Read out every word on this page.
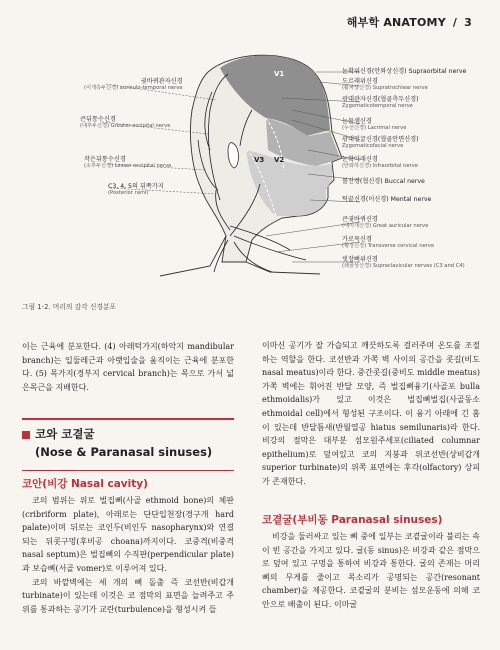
해부학 ANATOMY / 3
V1
V2
V3
눈확위신경(안와상신경) Supraorbital nerve
도르래위신경
(활차상신경) Supratrochlear nerve
광대관자신경(협골측두신경)
Zygomaticotemporal nerve
눈물샘신경
(누선신경) Lacrimal nerve
광대얼굴신경(협골안면신경)
Zygomaticofacial nerve
눈확아래신경
(안와하신경) Infraorbital nerve
볼신경(협신경) Buccal nerve
턱끝신경(이신경) Mental nerve
큰귓바퀴신경
(대이개신경) Great auricular nerve
가로목신경
(횡경신경) Transverse cervical nerve
빗장뼈위신경
(쇄골상신경) Supraclavicular nerves (C3 and C4)
귓바퀴관자신경
(이개측두신경) auriculo-temporal nerve
큰뒤통수신경
(대후두신경) Greater occipital nerve
작은뒤통수신경
(소후두신경) Lesser occipital nerve
C3, 4, 5의 뒤쪽가지
(Posterior rami)
그림 1-2. 머리의 감각 신경분포

이는 근육에 분포한다. (4) 아래턱가지(하악지 mandibular branch)는 입둘레근과 아랫입술을 움직이는 근육에 분포한다. (5) 목가지(경부지 cervical branch)는 목으로 가서 넓은목근을 지배한다.

코와 코곁굴
(Nose & Paranasal sinuses)
코안(비강 Nasal cavity)

코의 범위는 위로 벌집뼈(사골 ethmoid bone)의 체판(cribriform plate), 아래로는 단단입천장(경구개 hard palate)이며 뒤로는 코인두(비인두 nasopharynx)와 연결되는 뒤콧구멍(후비공 choana)까지이다. 코중격(비중격 nasal septum)은 벌집뼈의 수직판(perpendicular plate)과 보습뼈(서골 vomer)로 이루어져 있다.

코의 바깥벽에는 세 개의 뼈 돌출 즉 코선반(비갑개 turbinate)이 있는데 이것은 코 점막의 표면을 늘려주고 주위를 통과하는 공기가 교란(turbulence)을 형성시켜 들

이마신 공기가 잘 가습되고 깨끗하도록 걸러주며 온도를 조절하는 역할을 한다. 코선반과 가쪽 벽 사이의 공간을 콧길(비도 nasal meatus)이라 한다. 중간콧길(중비도 middle meatus) 가쪽 벽에는 휘어진 반달 모양, 즉 벌집뼈융기(사골포 bulla ethmoidalis)가 있고 이것은 벌집뼈벌집(사골동소 ethmoidal cell)에서 형성된 구조이다. 이 융기 아래에 긴 홈이 있는데 반달틈새(반월열공 hiatus semilunaris)라 한다. 비강의 점막은 대부분 섬모원주세포(ciliated columnar epithelium)로 덮여있고 코의 지붕과 위코선반(상비갑개 superior turbinate)의 위쪽 표면에는 후각(olfactory) 상피가 존재한다.

코곁굴(부비동 Paranasal sinuses)

비강을 둘러싸고 있는 뼈 중에 일부는 코곁굴이라 불리는 속이 빈 공간을 가지고 있다. 굴(동 sinus)은 비강과 같은 점막으로 덮여 있고 구멍을 통하여 비강과 통한다. 굴의 존재는 머리뼈의 무게를 줄이고 목소리가 공명되는 공간(resonant chamber)을 제공한다. 코곁굴의 분비는 섬모운동에 의해 코안으로 배출이 된다. 이마굴
